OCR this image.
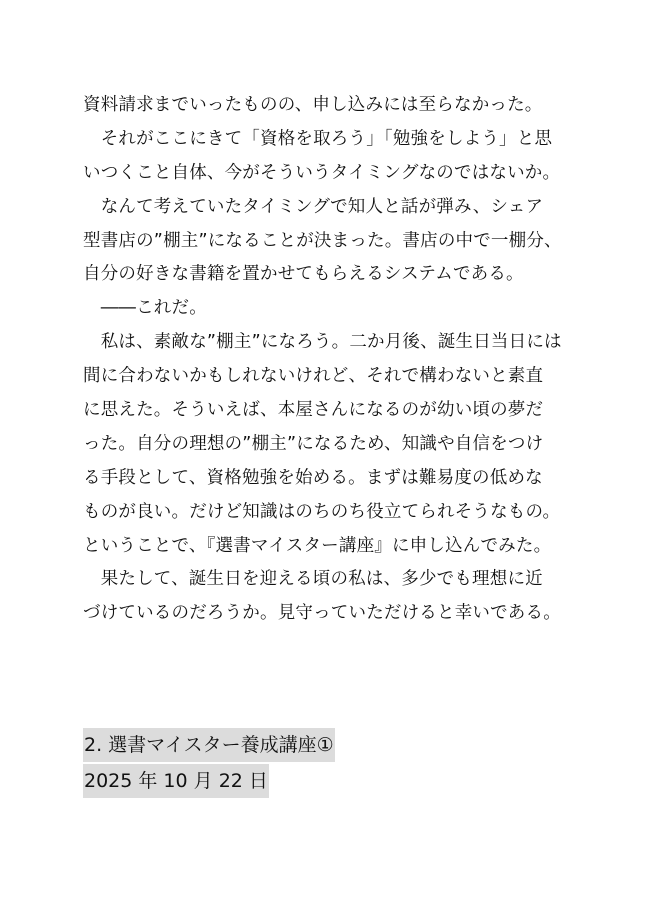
資料請求までいったものの、申し込みには至らなかった。
　それがここにきて「資格を取ろう」「勉強をしよう」と思
いつくこと自体、今がそういうタイミングなのではないか。
　なんて考えていたタイミングで知人と話が弾み、シェア
型書店の”棚主”になることが決まった。書店の中で一棚分、
自分の好きな書籍を置かせてもらえるシステムである。
　――これだ。
　私は、素敵な”棚主”になろう。二か月後、誕生日当日には
間に合わないかもしれないけれど、それで構わないと素直
に思えた。そういえば、本屋さんになるのが幼い頃の夢だ
った。自分の理想の”棚主”になるため、知識や自信をつけ
る手段として、資格勉強を始める。まずは難易度の低めな
ものが良い。だけど知識はのちのち役立てられそうなもの。
ということで、『選書マイスター講座』に申し込んでみた。
　果たして、誕生日を迎える頃の私は、多少でも理想に近
づけているのだろうか。見守っていただけると幸いである。
2. 選書マイスター養成講座①
2025 年 10 月 22 日
